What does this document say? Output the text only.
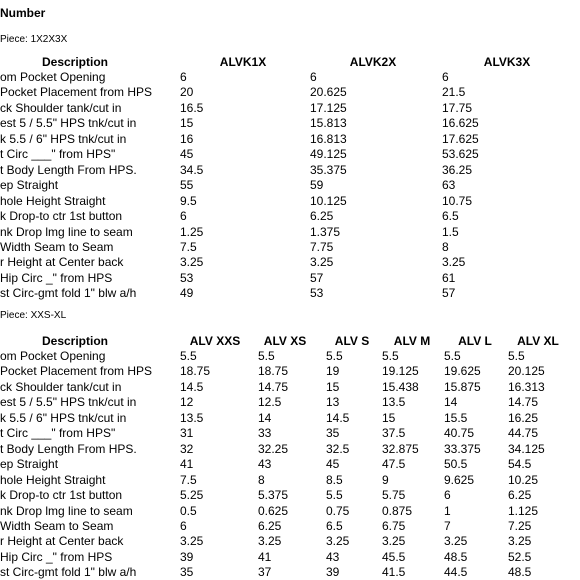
Number
Piece: 1X2X3X
Description	ALVK1X	ALVK2X	ALVK3X
om Pocket Opening	6	6	6
Pocket Placement from HPS 20	20.625	21.5
ck Shoulder tank/cut in	16.5	17.125	17.75
est 5 / 5.5" HPS tnk/cut in	15	15.813	16.625
k 5.5 / 6" HPS tnk/cut in	16	16.813	17.625
t Circ ___" from HPS"	45	49.125	53.625
t Body Length From HPS.	34.5	35.375	36.25
ep Straight	55	59	63
hole Height Straight	9.5	10.125	10.75
k Drop-to ctr 1st button	6	6.25	6.5
nk Drop lmg line to seam	1.25	1.375	1.5
Width Seam to Seam	7.5	7.75	8
r Height at Center back	3.25	3.25	3.25
Hip Circ _" from HPS	53	57	61
st Circ-gmt fold 1" blw a/h	49	53	57
Piece: XXS-XL
Description	ALV XXS ALV XS ALV S ALV M ALV L ALV XL
om Pocket Opening	5.5	5.5	5.5	5.5	5.5	5.5
Pocket Placement from HPS 18.75	18.75	19	19.125 19.625 20.125
ck Shoulder tank/cut in	14.5	14.75	15	15.438 15.875 16.313
est 5 / 5.5" HPS tnk/cut in	12	12.5	13	13.5	14	14.75
k 5.5 / 6" HPS tnk/cut in	13.5	14	14.5	15	15.5	16.25
t Circ ___" from HPS"	31	33	35	37.5	40.75	44.75
t Body Length From HPS.	32	32.25	32.5	32.875 33.375 34.125
ep Straight	41	43	45	47.5	50.5	54.5
hole Height Straight	7.5	8	8.5	9	9.625	10.25
k Drop-to ctr 1st button	5.25	5.375	5.5	5.75	6	6.25
nk Drop lmg line to seam	0.5	0.625	0.75	0.875	1	1.125
Width Seam to Seam	6	6.25	6.5	6.75	7	7.25
r Height at Center back	3.25	3.25	3.25	3.25	3.25	3.25
Hip Circ _" from HPS	39	41	43	45.5	48.5	52.5
st Circ-gmt fold 1" blw a/h	35	37	39	41.5	44.5	48.5
